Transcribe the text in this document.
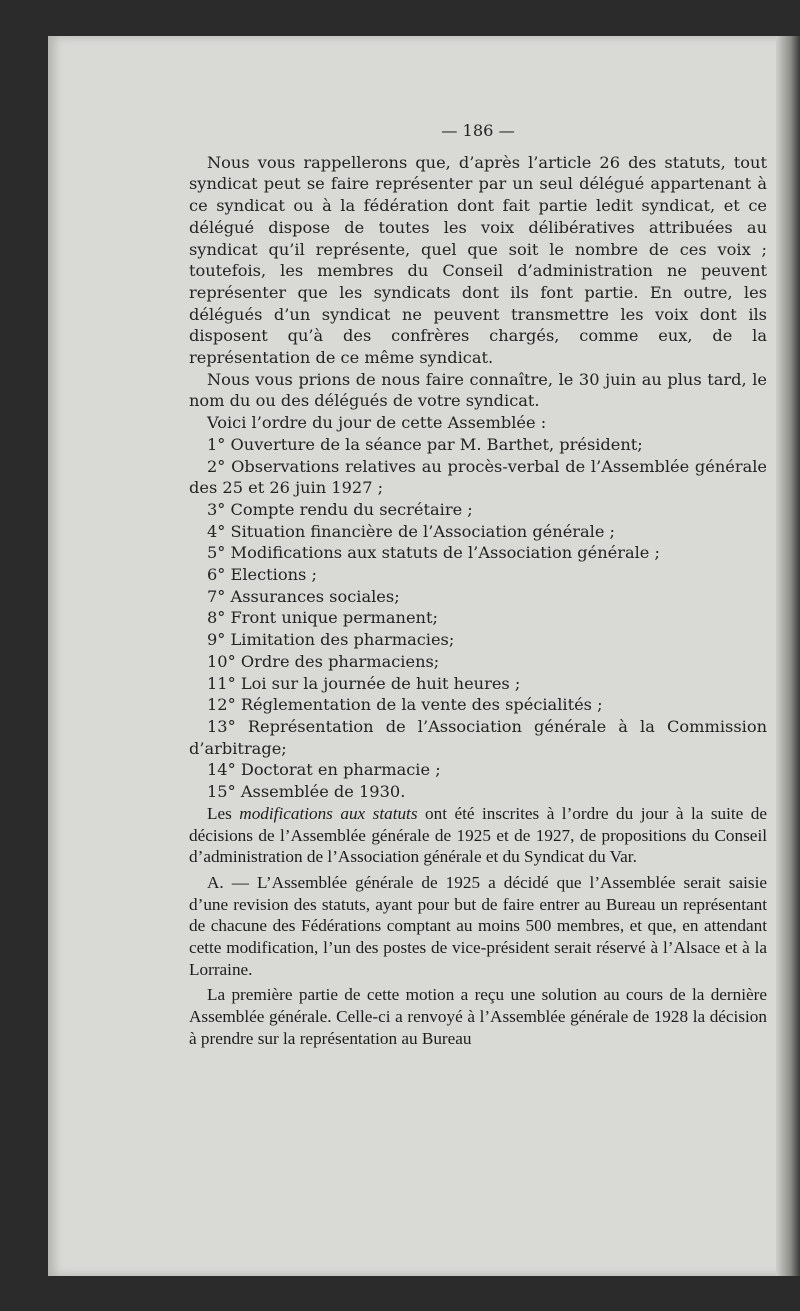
— 186 —

Nous vous rappellerons que, d’après l’article 26 des statuts, tout syndicat peut se faire représenter par un seul délégué appartenant à ce syndicat ou à la fédération dont fait partie ledit syndicat, et ce délégué dispose de toutes les voix délibératives attribuées au syndicat qu’il représente, quel que soit le nombre de ces voix ; toutefois, les membres du Conseil d’administration ne peuvent représenter que les syndicats dont ils font partie. En outre, les délégués d’un syndicat ne peuvent transmettre les voix dont ils disposent qu’à des confrères chargés, comme eux, de la représentation de ce même syndicat.

Nous vous prions de nous faire connaître, le 30 juin au plus tard, le nom du ou des délégués de votre syndicat.

Voici l’ordre du jour de cette Assemblée :

1° Ouverture de la séance par M. Barthet, président;
2° Observations relatives au procès-verbal de l’Assemblée générale des 25 et 26 juin 1927 ;
3° Compte rendu du secrétaire ;
4° Situation financière de l’Association générale ;
5° Modifications aux statuts de l’Association générale ;
6° Elections ;
7° Assurances sociales;
8° Front unique permanent;
9° Limitation des pharmacies;
10° Ordre des pharmaciens;
11° Loi sur la journée de huit heures ;
12° Réglementation de la vente des spécialités ;
13° Représentation de l’Association générale à la Commission d’arbitrage;
14° Doctorat en pharmacie ;
15° Assemblée de 1930.

Les modifications aux statuts ont été inscrites à l’ordre du jour à la suite de décisions de l’Assemblée générale de 1925 et de 1927, de propositions du Conseil d’administration de l’Association générale et du Syndicat du Var.

A. — L’Assemblée générale de 1925 a décidé que l’Assemblée serait saisie d’une revision des statuts, ayant pour but de faire entrer au Bureau un représentant de chacune des Fédérations comptant au moins 500 membres, et que, en attendant cette modification, l’un des postes de vice-président serait réservé à l’Alsace et à la Lorraine.

La première partie de cette motion a reçu une solution au cours de la dernière Assemblée générale. Celle-ci a renvoyé à l’Assemblée générale de 1928 la décision à prendre sur la représentation au Bureau
